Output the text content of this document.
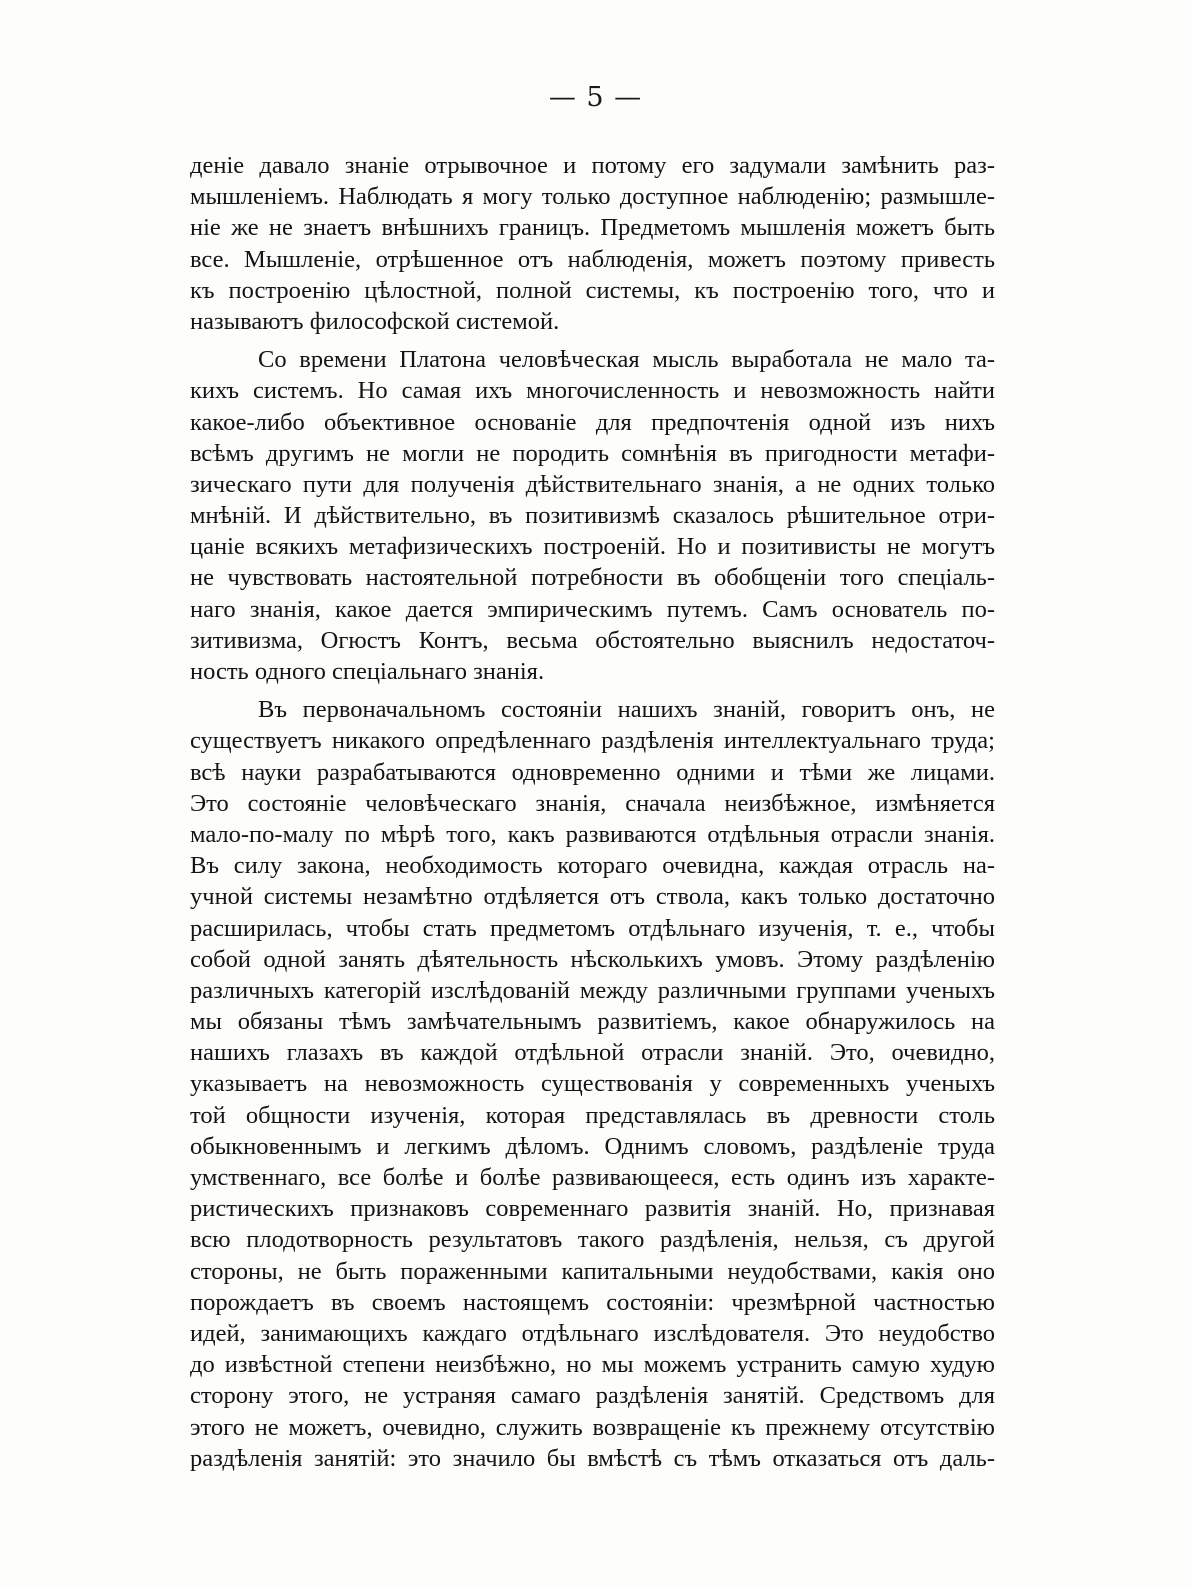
— 5 —
деніе давало знаніе отрывочное и потому его задумали замѣнить раз-
мышленіемъ. Наблюдать я могу только доступное наблюденію; размышле-
ніе же не знаетъ внѣшнихъ границъ. Предметомъ мышленія можетъ быть
все. Мышленіе, отрѣшенное отъ наблюденія, можетъ поэтому привесть
къ построенію цѣлостной, полной системы, къ построенію того, что и
называютъ философской системой.
Со времени Платона человѣческая мысль выработала не мало та-
кихъ системъ. Но самая ихъ многочисленность и невозможность найти
какое-либо объективное основаніе для предпочтенія одной изъ нихъ
всѣмъ другимъ не могли не породить сомнѣнія въ пригодности метафи-
зическаго пути для полученія дѣйствительнаго знанія, а не одних только
мнѣній. И дѣйствительно, въ позитивизмѣ сказалось рѣшительное отри-
цаніе всякихъ метафизическихъ построеній. Но и позитивисты не могутъ
не чувствовать настоятельной потребности въ обобщеніи того спеціаль-
наго знанія, какое дается эмпирическимъ путемъ. Самъ основатель по-
зитивизма, Огюстъ Контъ, весьма обстоятельно выяснилъ недостаточ-
ность одного спеціальнаго знанія.
Въ первоначальномъ состояніи нашихъ знаній, говоритъ онъ, не
существуетъ никакого опредѣленнаго раздѣленія интеллектуальнаго труда;
всѣ науки разрабатываются одновременно одними и тѣми же лицами.
Это состояніе человѣческаго знанія, сначала неизбѣжное, измѣняется
мало-по-малу по мѣрѣ того, какъ развиваются отдѣльныя отрасли знанія.
Въ силу закона, необходимость котораго очевидна, каждая отрасль на-
учной системы незамѣтно отдѣляется отъ ствола, какъ только достаточно
расширилась, чтобы стать предметомъ отдѣльнаго изученія, т. е., чтобы
собой одной занять дѣятельность нѣсколькихъ умовъ. Этому раздѣленію
различныхъ категорій изслѣдованій между различными группами ученыхъ
мы обязаны тѣмъ замѣчательнымъ развитіемъ, какое обнаружилось на
нашихъ глазахъ въ каждой отдѣльной отрасли знаній. Это, очевидно,
указываетъ на невозможность существованія у современныхъ ученыхъ
той общности изученія, которая представлялась въ древности столь
обыкновеннымъ и легкимъ дѣломъ. Однимъ словомъ, раздѣленіе труда
умственнаго, все болѣе и болѣе развивающееся, есть одинъ изъ характе-
ристическихъ признаковъ современнаго развитія знаній. Но, признавая
всю плодотворность результатовъ такого раздѣленія, нельзя, съ другой
стороны, не быть пораженными капитальными неудобствами, какія оно
порождаетъ въ своемъ настоящемъ состояніи: чрезмѣрной частностью
идей, занимающихъ каждаго отдѣльнаго изслѣдователя. Это неудобство
до извѣстной степени неизбѣжно, но мы можемъ устранить самую худую
сторону этого, не устраняя самаго раздѣленія занятій. Средствомъ для
этого не можетъ, очевидно, служить возвращеніе къ прежнему отсутствію
раздѣленія занятій: это значило бы вмѣстѣ съ тѣмъ отказаться отъ даль-
